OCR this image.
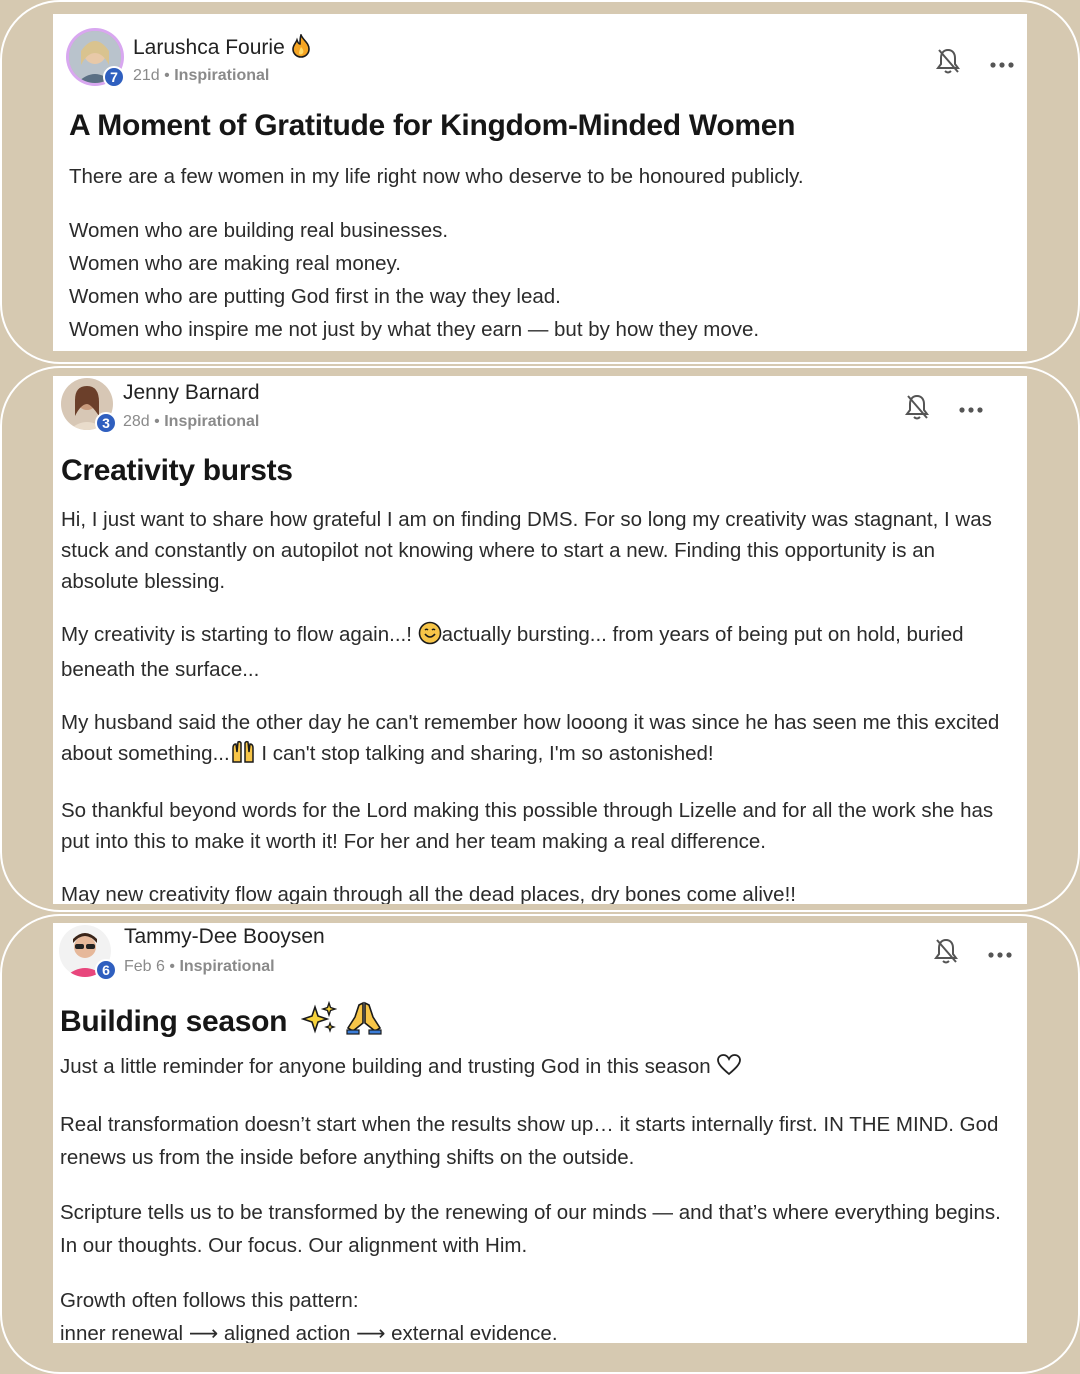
7
Larushca Fourie
21d • Inspirational
A Moment of Gratitude for Kingdom-Minded Women

There are a few women in my life right now who deserve to be honoured publicly.

Women who are building real businesses.
Women who are making real money.
Women who are putting God first in the way they lead.
Women who inspire me not just by what they earn — but by how they move.
3
Jenny Barnard
28d • Inspirational
Creativity bursts

Hi, I just want to share how grateful I am on finding DMS. For so long my creativity was stagnant, I was stuck and constantly on autopilot not knowing where to start a new. Finding this opportunity is an absolute blessing.

My creativity is starting to flow again...! actually bursting... from years of being put on hold, buried beneath the surface...

My husband said the other day he can't remember how looong it was since he has seen me this excited about something... I can't stop talking and sharing, I'm so astonished!

So thankful beyond words for the Lord making this possible through Lizelle and for all the work she has put into this to make it worth it! For her and her team making a real difference.

May new creativity flow again through all the dead places, dry bones come alive!!

6
Tammy-Dee Booysen
Feb 6 • Inspirational
Building season

Just a little reminder for anyone building and trusting God in this season

Real transformation doesn’t start when the results show up… it starts internally first. IN THE MIND. God renews us from the inside before anything shifts on the outside.

Scripture tells us to be transformed by the renewing of our minds — and that’s where everything begins. In our thoughts. Our focus. Our alignment with Him.

Growth often follows this pattern:

inner renewal ⟶ aligned action ⟶ external evidence.
